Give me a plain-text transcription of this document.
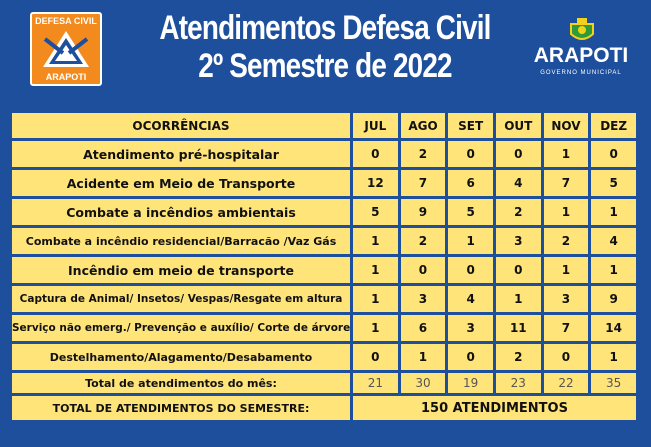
DEFESA CIVIL
ARAPOTI
Atendimentos Defesa Civil
2º Semestre de 2022	ARAPOTI
GOVERNO MUNICIPAL
OCORRÊNCIAS	JUL	AGO	SET	OUT	NOV	DEZ
Atendimento pré-hospitalar	0	2	0	0	1	0
Acidente em Meio de Transporte	12	7	6	4	7	5
Combate a incêndios ambientais	5	9	5	2	1	1
Combate a incêndio residencial/Barracão /Vaz Gás	1	2	1	3	2	4
Incêndio em meio de transporte	1	0	0	0	1	1
Captura de Animal/ Insetos/ Vespas/Resgate em altura	1	3	4	1	3	9
Serviço não emerg./ Prevenção e auxílio/ Corte de árvore	1	6	3	11	7	14
Destelhamento/Alagamento/Desabamento	0	1	0	2	0	1
Total de atendimentos do mês:	21	30	19	23	22	35
TOTAL DE ATENDIMENTOS DO SEMESTRE:	150 ATENDIMENTOS					
